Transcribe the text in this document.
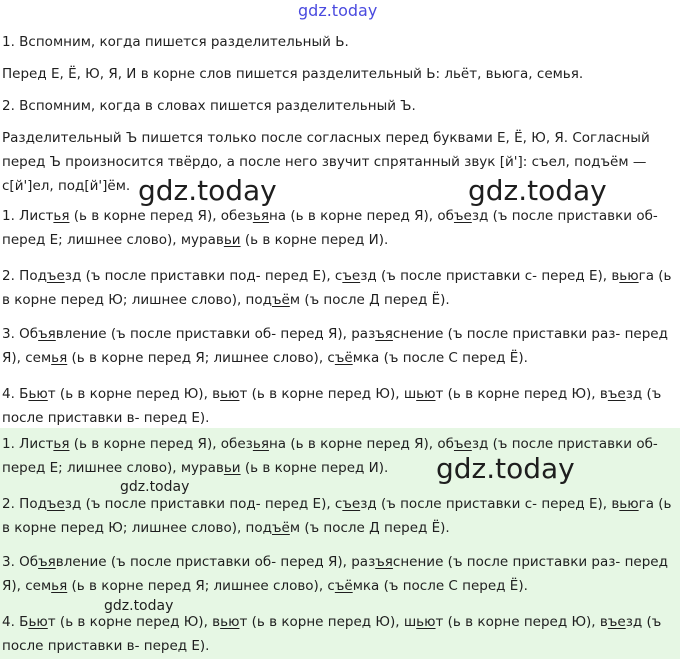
gdz.today

1. Вспомним, когда пишется разделительный Ь.

Перед Е, Ё, Ю, Я, И в корне слов пишется разделительный Ь: льёт, вьюга, семья.

2. Вспомним, когда в словах пишется разделительный Ъ.

Разделительный Ъ пишется только после согласных перед буквами Е, Ё, Ю, Я. Согласный перед Ъ произносится твёрдо, а после него звучит спрятанный звук [й']: съел, подъём — с[й']ел, под[й']ём. gdz.today	gdz.today

1. Листья (ь в корне перед Я), обезьяна (ь в корне перед Я), объезд (ъ после приставки об- перед Е; лишнее слово), муравьи (ь в корне перед И).

2. Подъезд (ъ после приставки под- перед Е), съезд (ъ после приставки с- перед Е), вьюга (ь в корне перед Ю; лишнее слово), подъём (ъ после Д перед Ё).

3. Объявление (ъ после приставки об- перед Я), разъяснение (ъ после приставки раз- перед Я), семья (ь в корне перед Я; лишнее слово), съёмка (ъ после С перед Ё).

4. Бьют (ь в корне перед Ю), вьют (ь в корне перед Ю), шьют (ь в корне перед Ю), въезд (ъ после приставки в- перед Е).

1. Листья (ь в корне перед Я), обезьяна (ь в корне перед Я), объезд (ъ после приставки об- перед Е; лишнее слово), муравьи (ь в корне перед И).

2. Подъезд (ъ после приставки под- перед Е), съезд (ъ после приставки с- перед Е), вьюга (ь в корне перед Ю; лишнее слово), подъём (ъ после Д перед Ё).

3. Объявление (ъ после приставки об- перед Я), разъяснение (ъ после приставки раз- перед Я), семья (ь в корне перед Я; лишнее слово), съёмка (ъ после С перед Ё).

4. Бьют (ь в корне перед Ю), вьют (ь в корне перед Ю), шьют (ь в корне перед Ю), въезд (ъ после приставки в- перед Е).

gdz.today
gdz.today
gdz.today
